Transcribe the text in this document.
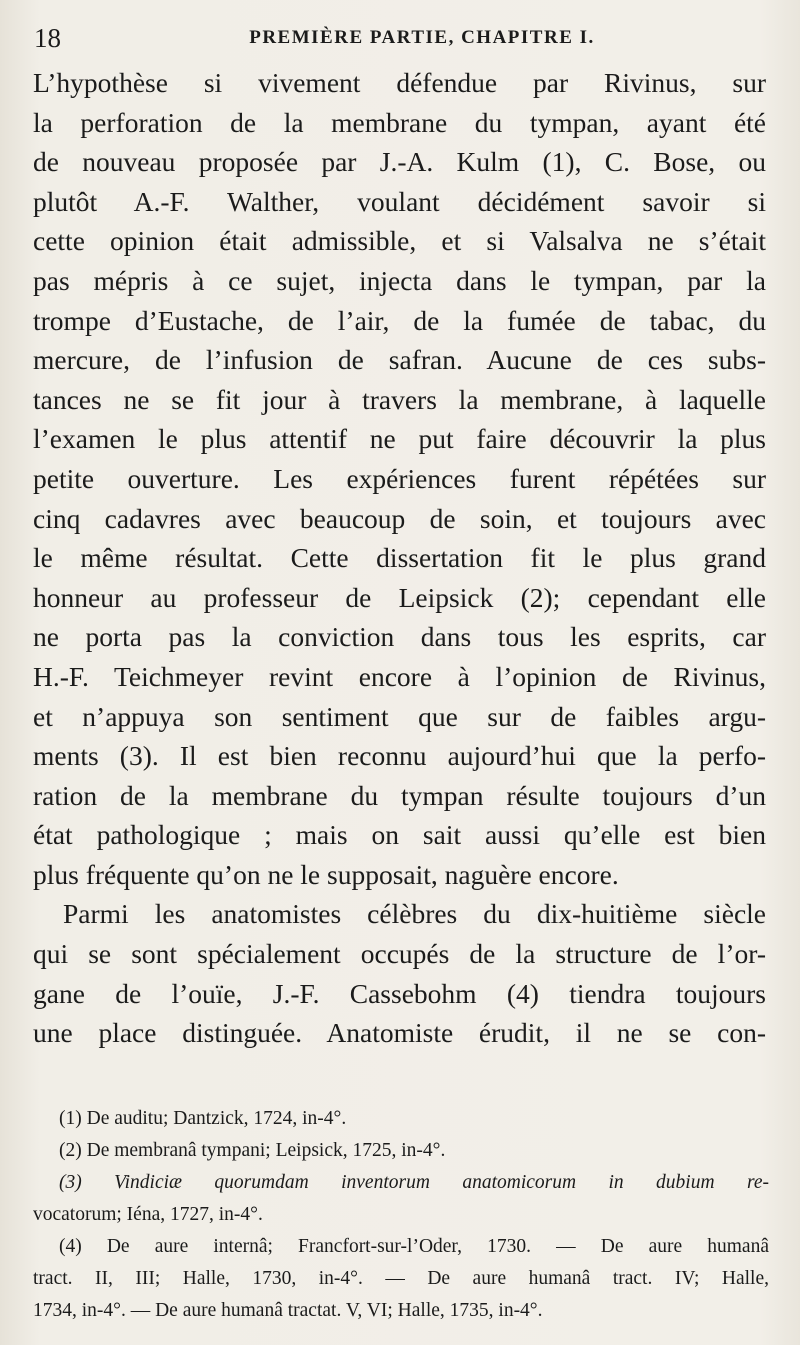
18	PREMIÈRE PARTIE, CHAPITRE I.
L’hypothèse si vivement défendue par Rivinus, sur
la perforation de la membrane du tympan, ayant été
de nouveau proposée par J.-A. Kulm (1), C. Bose, ou
plutôt A.-F. Walther, voulant décidément savoir si
cette opinion était admissible, et si Valsalva ne s’était
pas mépris à ce sujet, injecta dans le tympan, par la
trompe d’Eustache, de l’air, de la fumée de tabac, du
mercure, de l’infusion de safran. Aucune de ces subs-
tances ne se fit jour à travers la membrane, à laquelle
l’examen le plus attentif ne put faire découvrir la plus
petite ouverture. Les expériences furent répétées sur
cinq cadavres avec beaucoup de soin, et toujours avec
le même résultat. Cette dissertation fit le plus grand
honneur au professeur de Leipsick (2); cependant elle
ne porta pas la conviction dans tous les esprits, car
H.-F. Teichmeyer revint encore à l’opinion de Rivinus,
et n’appuya son sentiment que sur de faibles argu-
ments (3). Il est bien reconnu aujourd’hui que la perfo-
ration de la membrane du tympan résulte toujours d’un
état pathologique ; mais on sait aussi qu’elle est bien
plus fréquente qu’on ne le supposait, naguère encore.
Parmi les anatomistes célèbres du dix-huitième siècle
qui se sont spécialement occupés de la structure de l’or-
gane de l’ouïe, J.-F. Cassebohm (4) tiendra toujours
une place distinguée. Anatomiste érudit, il ne se con-
(1) De auditu; Dantzick, 1724, in-4°.
(2) De membranâ tympani; Leipsick, 1725, in-4°.
(3) Vindiciæ quorumdam inventorum anatomicorum in dubium re-
vocatorum; Iéna, 1727, in-4°.
(4) De aure internâ; Francfort-sur-l’Oder, 1730. — De aure humanâ
tract. II, III; Halle, 1730, in-4°. — De aure humanâ tract. IV; Halle,
1734, in-4°. — De aure humanâ tractat. V, VI; Halle, 1735, in-4°.
